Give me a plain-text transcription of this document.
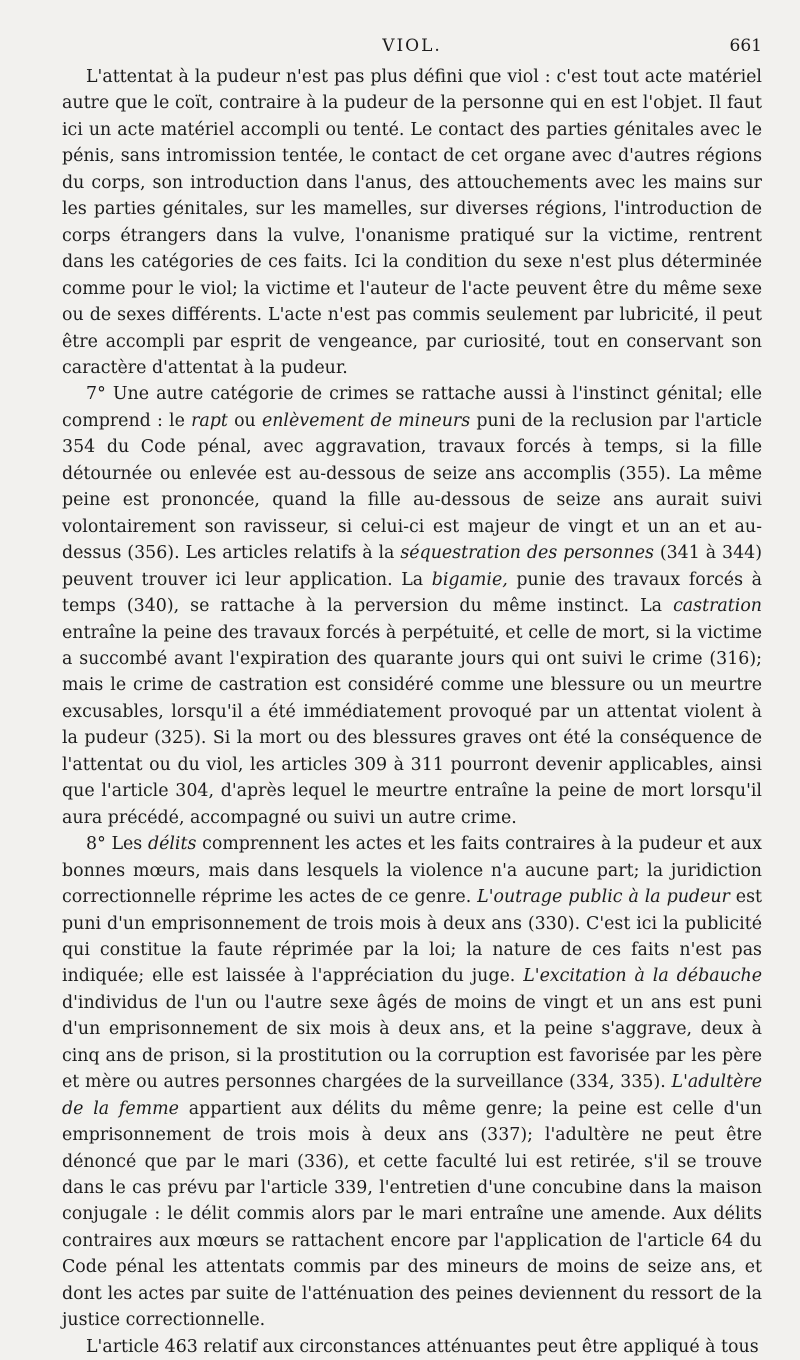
VIOL.	661

L'attentat à la pudeur n'est pas plus défini que viol : c'est tout acte matériel autre que le coït, contraire à la pudeur de la personne qui en est l'objet. Il faut ici un acte matériel accompli ou tenté. Le contact des parties génitales avec le pénis, sans intromission tentée, le contact de cet organe avec d'autres régions du corps, son introduction dans l'anus, des attouchements avec les mains sur les parties génitales, sur les mamelles, sur diverses régions, l'introduction de corps étrangers dans la vulve, l'onanisme pratiqué sur la victime, rentrent dans les catégories de ces faits. Ici la condition du sexe n'est plus déterminée comme pour le viol; la victime et l'auteur de l'acte peuvent être du même sexe ou de sexes différents. L'acte n'est pas commis seulement par lubricité, il peut être accompli par esprit de vengeance, par curiosité, tout en conservant son caractère d'attentat à la pudeur.

7° Une autre catégorie de crimes se rattache aussi à l'instinct génital; elle comprend : le rapt ou enlèvement de mineurs puni de la reclusion par l'article 354 du Code pénal, avec aggravation, travaux forcés à temps, si la fille détournée ou enlevée est au-dessous de seize ans accomplis (355). La même peine est prononcée, quand la fille au-dessous de seize ans aurait suivi volontairement son ravisseur, si celui-ci est majeur de vingt et un an et au-dessus (356). Les articles relatifs à la séquestration des personnes (341 à 344) peuvent trouver ici leur application. La bigamie, punie des travaux forcés à temps (340), se rattache à la perversion du même instinct. La castration entraîne la peine des travaux forcés à perpétuité, et celle de mort, si la victime a succombé avant l'expiration des quarante jours qui ont suivi le crime (316); mais le crime de castration est considéré comme une blessure ou un meurtre excusables, lorsqu'il a été immédiatement provoqué par un attentat violent à la pudeur (325). Si la mort ou des blessures graves ont été la conséquence de l'attentat ou du viol, les articles 309 à 311 pourront devenir applicables, ainsi que l'article 304, d'après lequel le meurtre entraîne la peine de mort lorsqu'il aura précédé, accompagné ou suivi un autre crime.

8° Les délits comprennent les actes et les faits contraires à la pudeur et aux bonnes mœurs, mais dans lesquels la violence n'a aucune part; la juridiction correctionnelle réprime les actes de ce genre. L'outrage public à la pudeur est puni d'un emprisonnement de trois mois à deux ans (330). C'est ici la publicité qui constitue la faute réprimée par la loi; la nature de ces faits n'est pas indiquée; elle est laissée à l'appréciation du juge. L'excitation à la débauche d'individus de l'un ou l'autre sexe âgés de moins de vingt et un ans est puni d'un emprisonnement de six mois à deux ans, et la peine s'aggrave, deux à cinq ans de prison, si la prostitution ou la corruption est favorisée par les père et mère ou autres personnes chargées de la surveillance (334, 335). L'adultère de la femme appartient aux délits du même genre; la peine est celle d'un emprisonnement de trois mois à deux ans (337); l'adultère ne peut être dénoncé que par le mari (336), et cette faculté lui est retirée, s'il se trouve dans le cas prévu par l'article 339, l'entretien d'une concubine dans la maison conjugale : le délit commis alors par le mari entraîne une amende. Aux délits contraires aux mœurs se rattachent encore par l'application de l'article 64 du Code pénal les attentats commis par des mineurs de moins de seize ans, et dont les actes par suite de l'atténuation des peines deviennent du ressort de la justice correctionnelle.

L'article 463 relatif aux circonstances atténuantes peut être appliqué à tous
